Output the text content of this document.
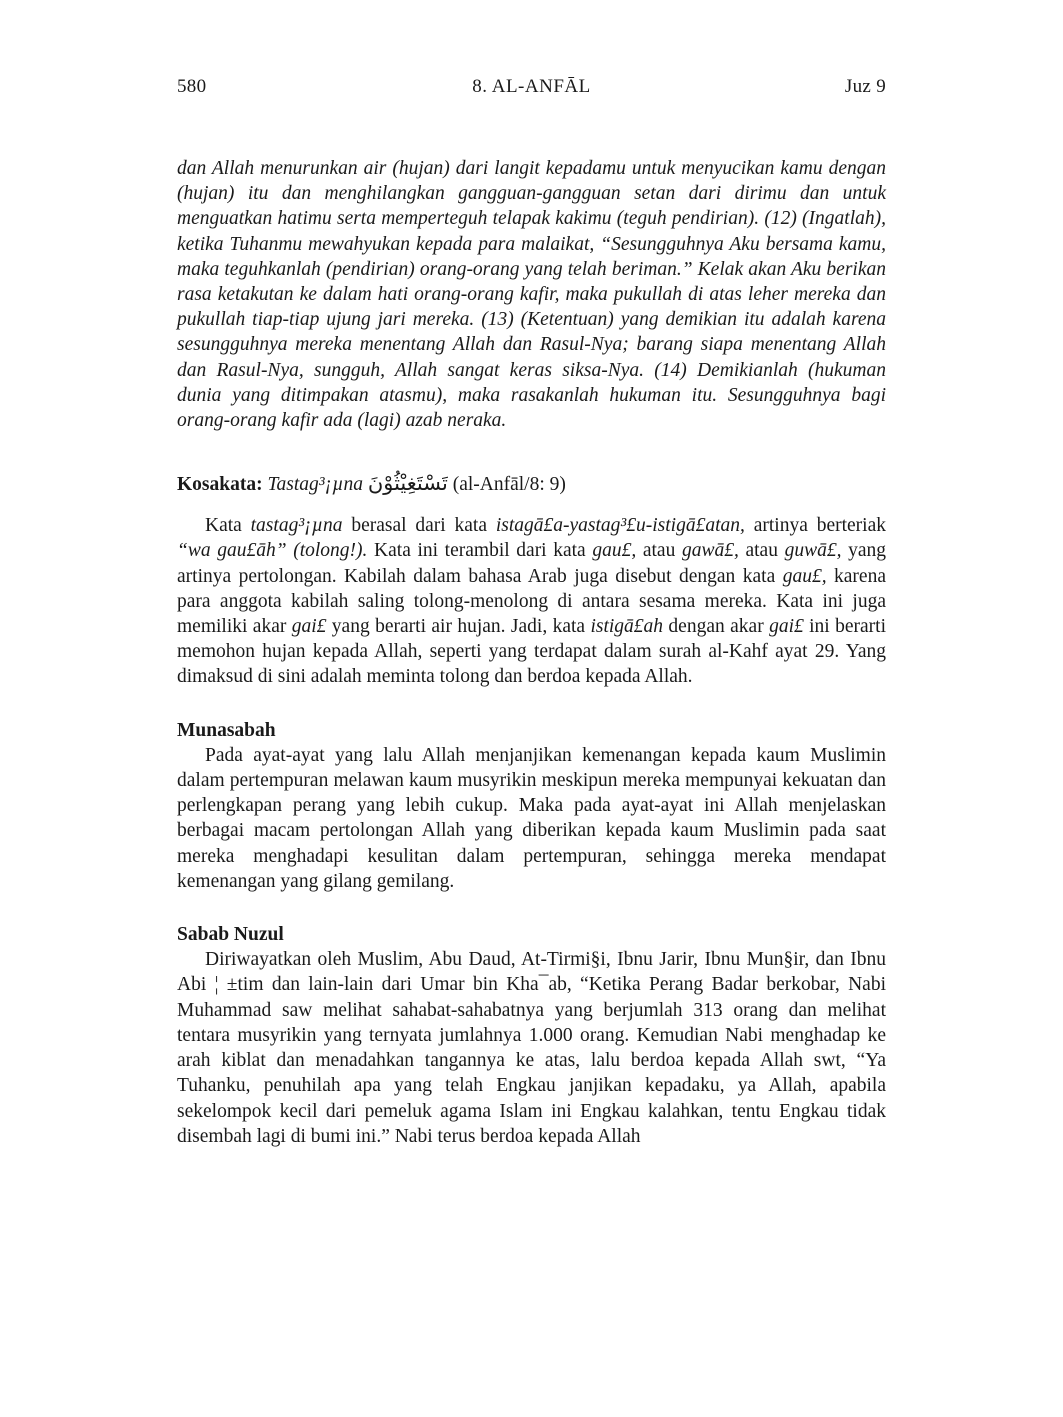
580	8. AL-ANFĀL	Juz 9

dan Allah menurunkan air (hujan) dari langit kepadamu untuk menyucikan kamu dengan (hujan) itu dan menghilangkan gangguan-gangguan setan dari dirimu dan untuk menguatkan hatimu serta memperteguh telapak kakimu (teguh pendirian). (12) (Ingatlah), ketika Tuhanmu mewahyukan kepada para malaikat, “Sesungguhnya Aku bersama kamu, maka teguhkanlah (pendirian) orang-orang yang telah beriman.” Kelak akan Aku berikan rasa ketakutan ke dalam hati orang-orang kafir, maka pukullah di atas leher mereka dan pukullah tiap-tiap ujung jari mereka. (13) (Ketentuan) yang demikian itu adalah karena sesungguhnya mereka menentang Allah dan Rasul-Nya; barang siapa menentang Allah dan Rasul-Nya, sungguh, Allah sangat keras siksa-Nya. (14) Demikianlah (hukuman dunia yang ditimpakan atasmu), maka rasakanlah hukuman itu. Sesungguhnya bagi orang-orang kafir ada (lagi) azab neraka.

Kosakata: Tastag³¡µna تَسْتَغِيْثُوْنَ (al-Anfāl/8: 9)

Kata tastag³¡µna berasal dari kata istagā£a-yastag³£u-istigā£atan, artinya berteriak “wa gau£āh” (tolong!). Kata ini terambil dari kata gau£, atau gawā£, atau guwā£, yang artinya pertolongan. Kabilah dalam bahasa Arab juga disebut dengan kata gau£, karena para anggota kabilah saling tolong-menolong di antara sesama mereka. Kata ini juga memiliki akar gai£ yang berarti air hujan. Jadi, kata istigā£ah dengan akar gai£ ini berarti memohon hujan kepada Allah, seperti yang terdapat dalam surah al-Kahf ayat 29. Yang dimaksud di sini adalah meminta tolong dan berdoa kepada Allah.

Munasabah

Pada ayat-ayat yang lalu Allah menjanjikan kemenangan kepada kaum Muslimin dalam pertempuran melawan kaum musyrikin meskipun mereka mempunyai kekuatan dan perlengkapan perang yang lebih cukup. Maka pada ayat-ayat ini Allah menjelaskan berbagai macam pertolongan Allah yang diberikan kepada kaum Muslimin pada saat mereka menghadapi kesulitan dalam pertempuran, sehingga mereka mendapat kemenangan yang gilang gemilang.

Sabab Nuzul

Diriwayatkan oleh Muslim, Abu Daud, At-Tirmi§i, Ibnu Jarir, Ibnu Mun§ir, dan Ibnu Abi ¦ ±tim dan lain-lain dari Umar bin Kha¯ab, “Ketika Perang Badar berkobar, Nabi Muhammad saw melihat sahabat-sahabatnya yang berjumlah 313 orang dan melihat tentara musyrikin yang ternyata jumlahnya 1.000 orang. Kemudian Nabi menghadap ke arah kiblat dan menadahkan tangannya ke atas, lalu berdoa kepada Allah swt, “Ya Tuhanku, penuhilah apa yang telah Engkau janjikan kepadaku, ya Allah, apabila sekelompok kecil dari pemeluk agama Islam ini Engkau kalahkan, tentu Engkau tidak disembah lagi di bumi ini.” Nabi terus berdoa kepada Allah
